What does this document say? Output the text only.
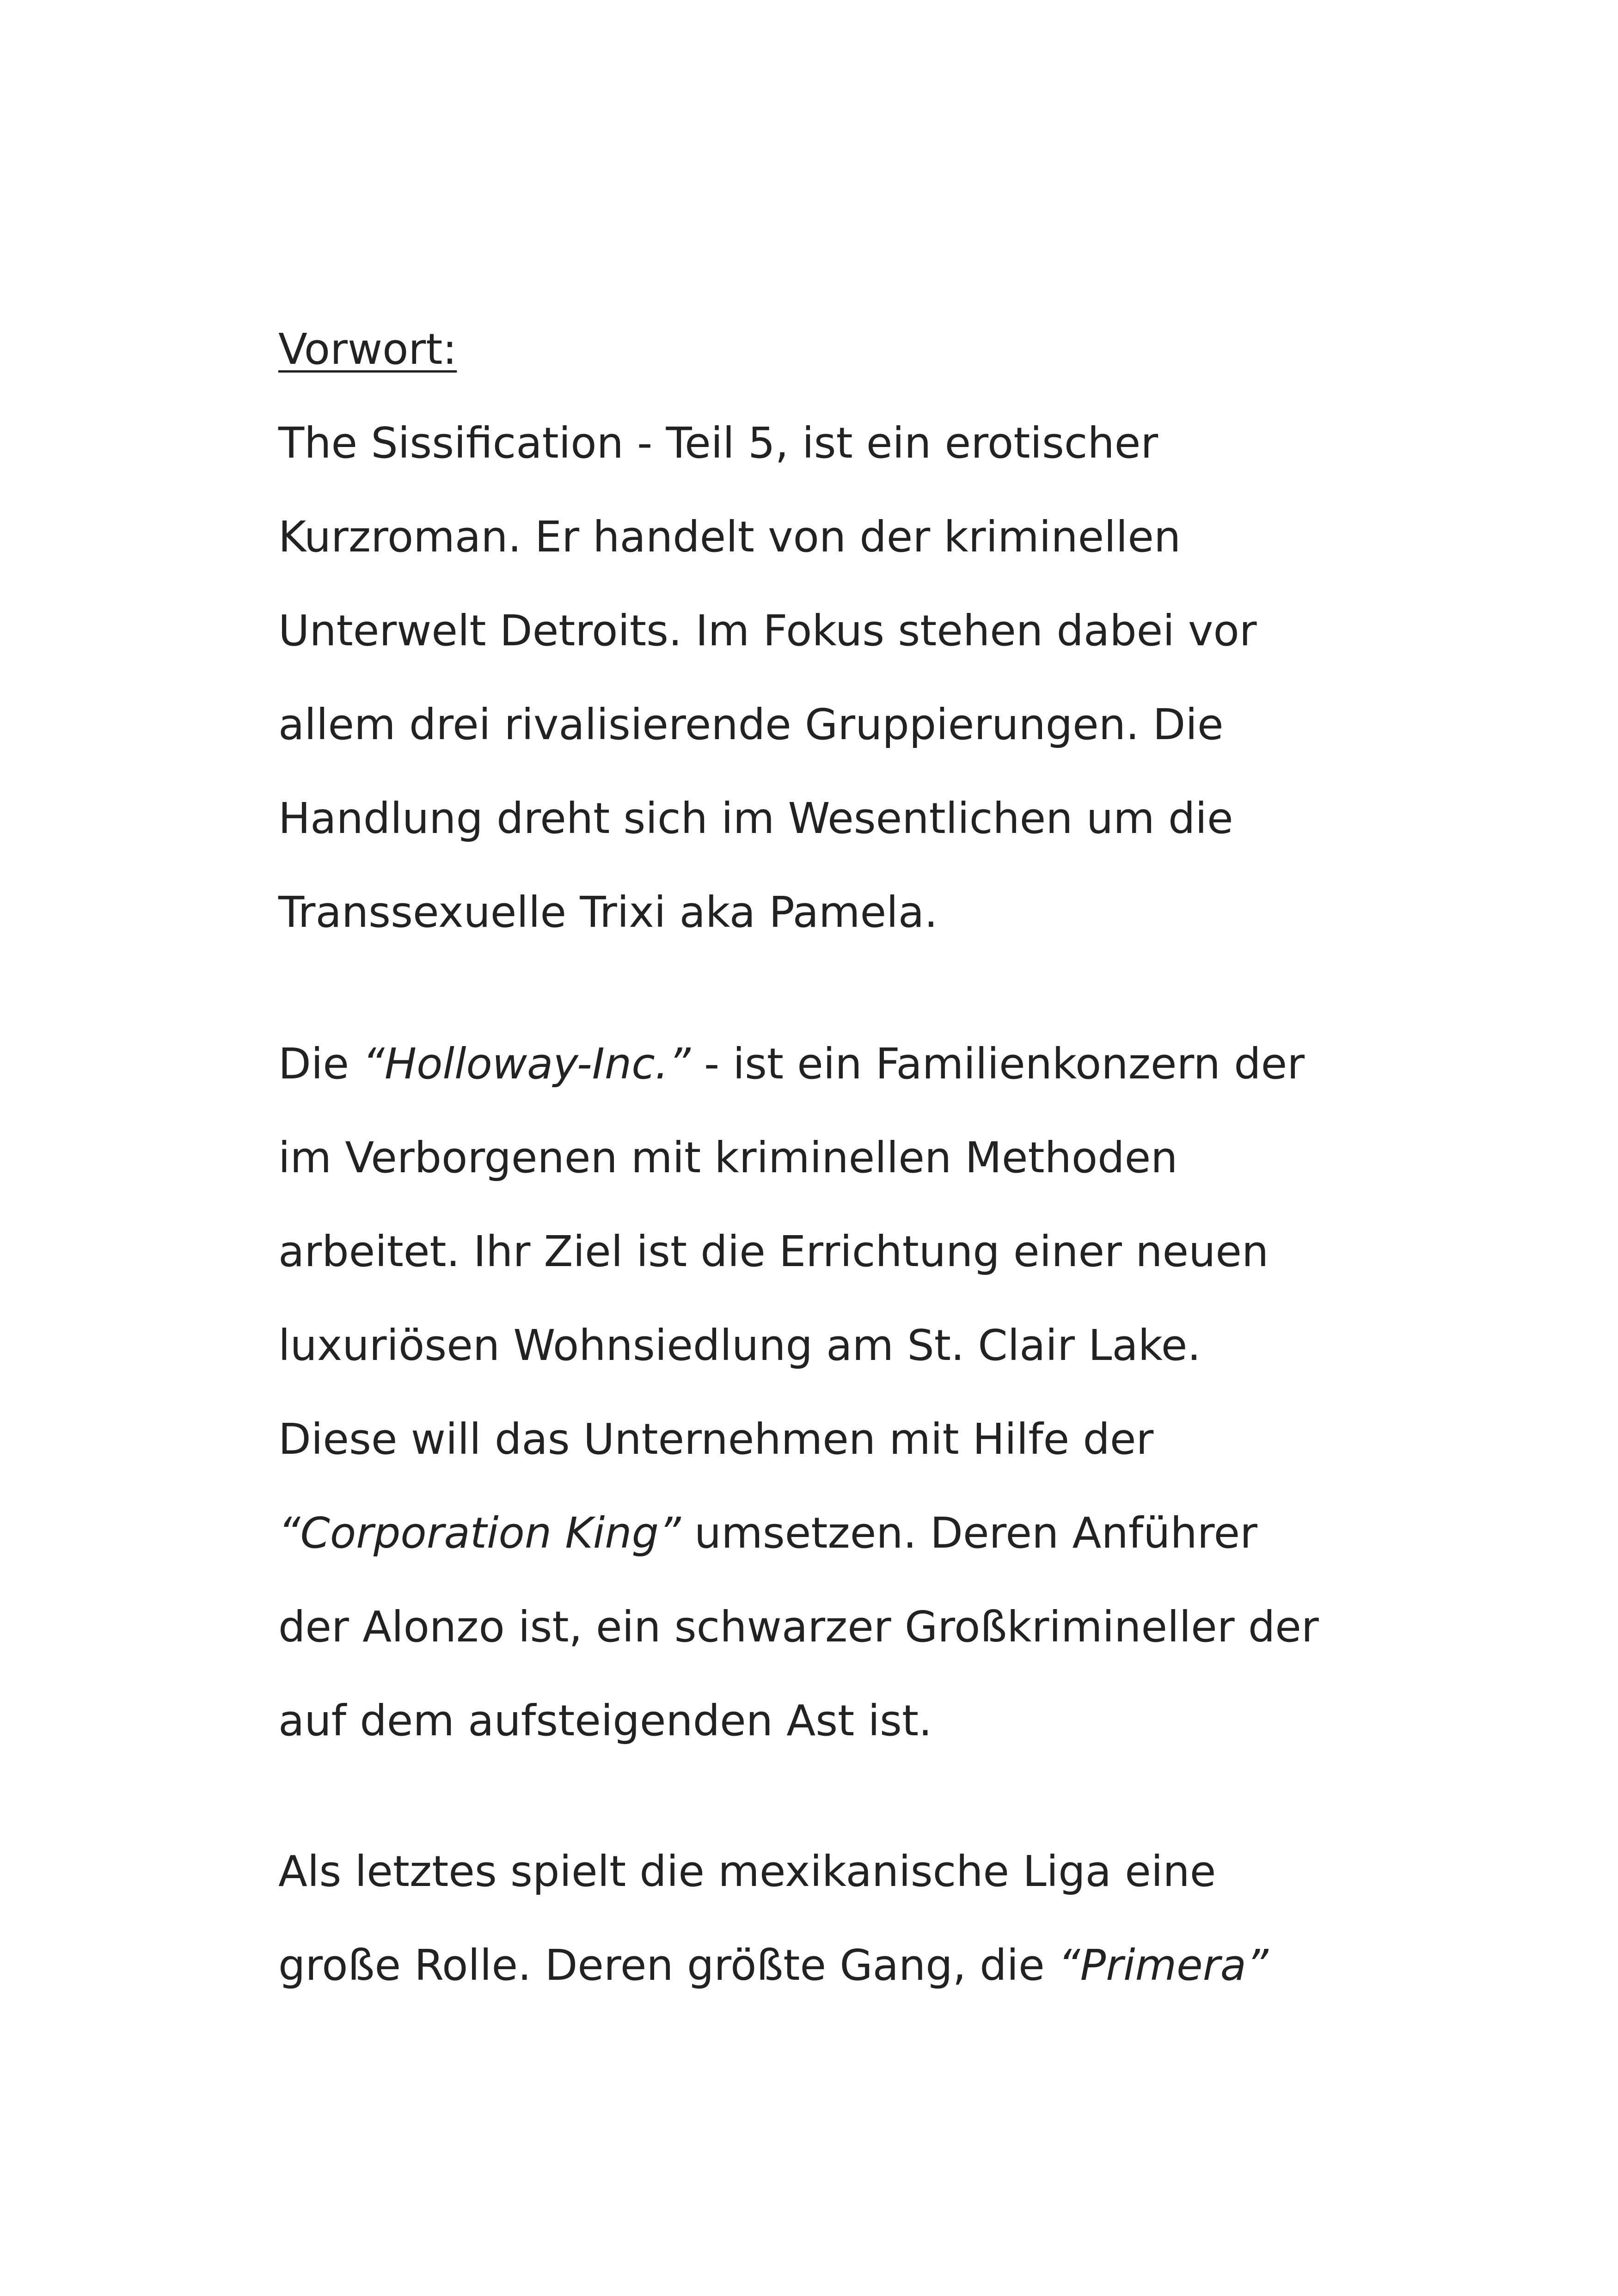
Vorwort:
The Sissification - Teil 5, ist ein erotischer
Kurzroman. Er handelt von der kriminellen
Unterwelt Detroits. Im Fokus stehen dabei vor
allem drei rivalisierende Gruppierungen. Die
Handlung dreht sich im Wesentlichen um die
Transsexuelle Trixi aka Pamela.
Die “Holloway-Inc.” - ist ein Familienkonzern der
im Verborgenen mit kriminellen Methoden
arbeitet. Ihr Ziel ist die Errichtung einer neuen
luxuriösen Wohnsiedlung am St. Clair Lake.
Diese will das Unternehmen mit Hilfe der
“Corporation King” umsetzen. Deren Anführer
der Alonzo ist, ein schwarzer Großkrimineller der
auf dem aufsteigenden Ast ist.
Als letztes spielt die mexikanische Liga eine
große Rolle. Deren größte Gang, die “Primera”
